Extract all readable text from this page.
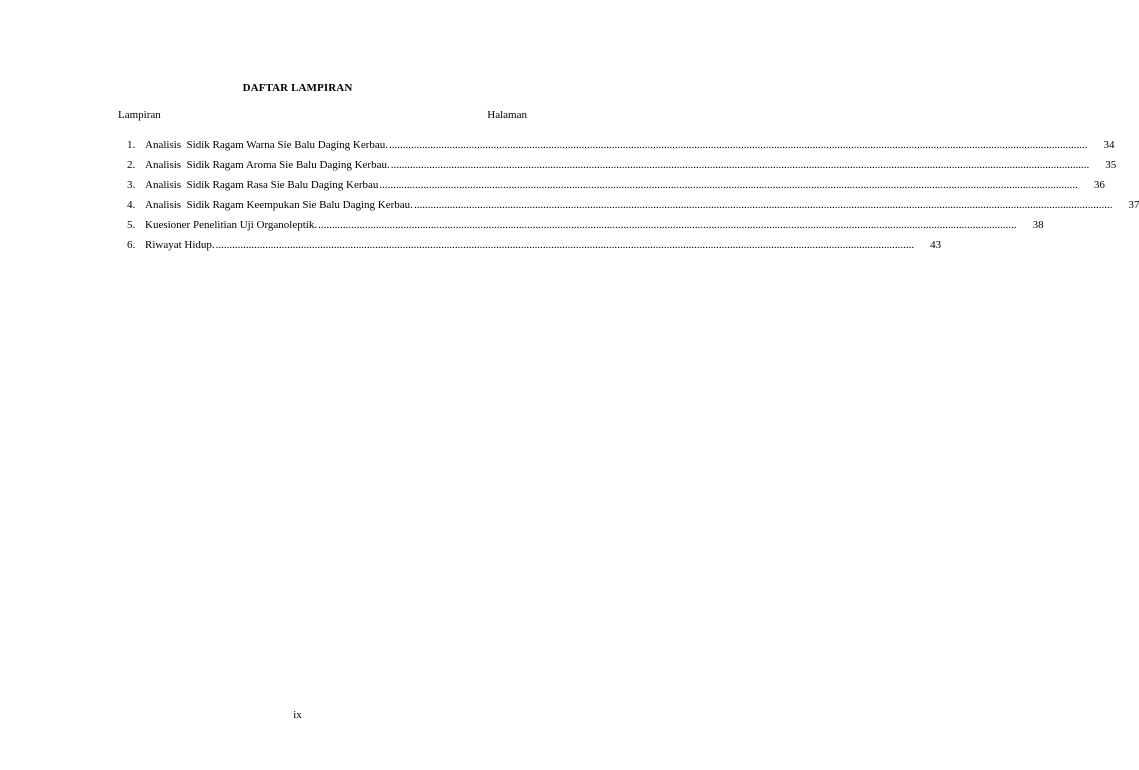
DAFTAR LAMPIRAN
Lampiran	Halaman
1. Analisis  Sidik Ragam Warna Sie Balu Daging Kerbau. .....	34
2. Analisis  Sidik Ragam Aroma Sie Balu Daging Kerbau. .....	35
3. Analisis  Sidik Ragam Rasa Sie Balu Daging Kerbau .....	36
4. Analisis  Sidik Ragam Keempukan Sie Balu Daging Kerbau. .....	37
5. Kuesioner Penelitian Uji Organoleptik. .....	38
6. Riwayat Hidup. .....	43
ix
